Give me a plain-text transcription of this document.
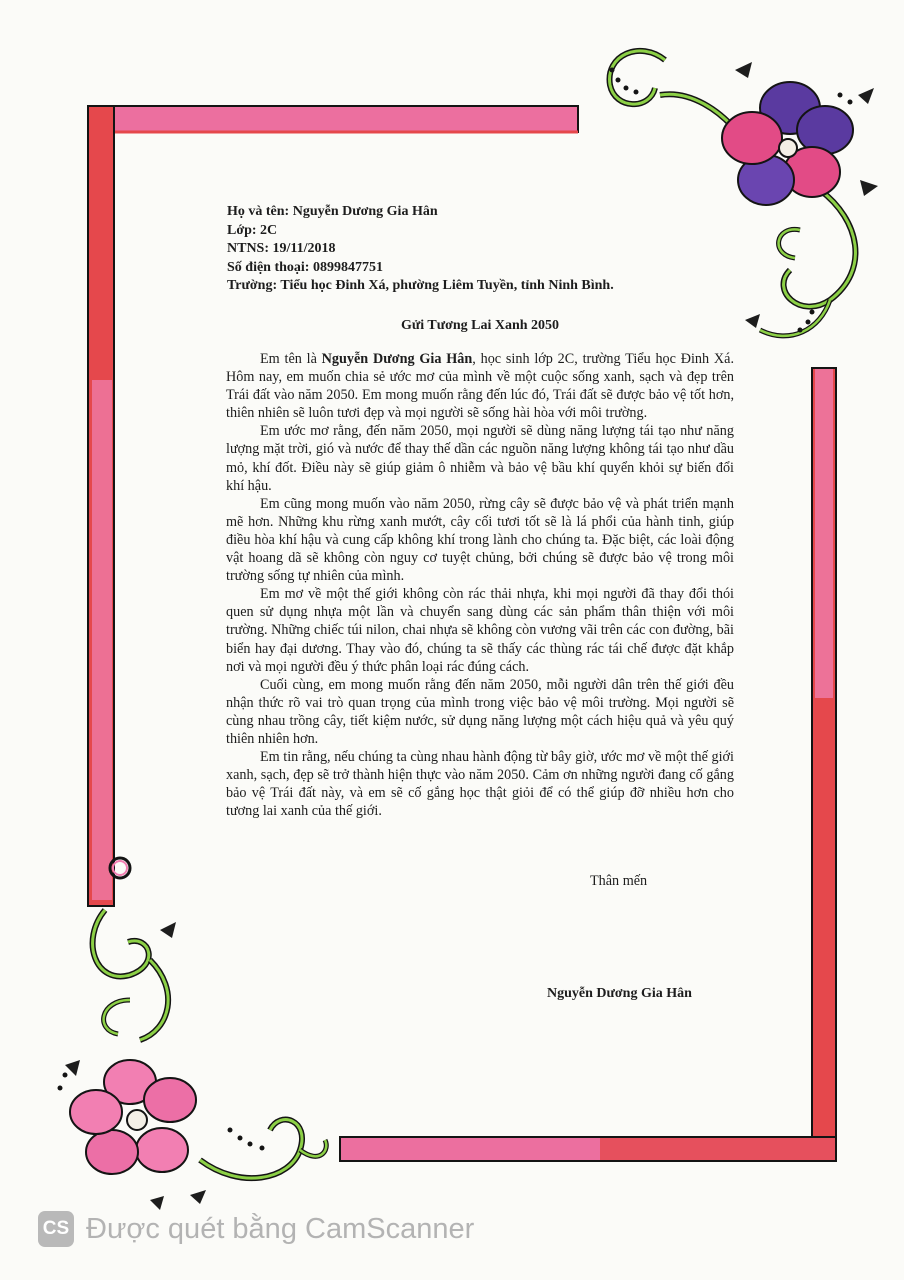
Họ và tên: Nguyễn Dương Gia Hân
Lớp: 2C
NTNS: 19/11/2018
Số điện thoại: 0899847751
Trường: Tiểu học Đinh Xá, phường Liêm Tuyền, tỉnh Ninh Bình.
Gửi Tương Lai Xanh 2050

Em tên là Nguyễn Dương Gia Hân, học sinh lớp 2C, trường Tiểu học Đinh Xá. Hôm nay, em muốn chia sẻ ước mơ của mình về một cuộc sống xanh, sạch và đẹp trên Trái đất vào năm 2050. Em mong muốn rằng đến lúc đó, Trái đất sẽ được bảo vệ tốt hơn, thiên nhiên sẽ luôn tươi đẹp và mọi người sẽ sống hài hòa với môi trường.

Em ước mơ rằng, đến năm 2050, mọi người sẽ dùng năng lượng tái tạo như năng lượng mặt trời, gió và nước để thay thế dần các nguồn năng lượng không tái tạo như dầu mỏ, khí đốt. Điều này sẽ giúp giảm ô nhiễm và bảo vệ bầu khí quyển khỏi sự biến đổi khí hậu.

Em cũng mong muốn vào năm 2050, rừng cây sẽ được bảo vệ và phát triển mạnh mẽ hơn. Những khu rừng xanh mướt, cây cối tươi tốt sẽ là lá phổi của hành tinh, giúp điều hòa khí hậu và cung cấp không khí trong lành cho chúng ta. Đặc biệt, các loài động vật hoang dã sẽ không còn nguy cơ tuyệt chủng, bởi chúng sẽ được bảo vệ trong môi trường sống tự nhiên của mình.

Em mơ về một thế giới không còn rác thải nhựa, khi mọi người đã thay đổi thói quen sử dụng nhựa một lần và chuyển sang dùng các sản phẩm thân thiện với môi trường. Những chiếc túi nilon, chai nhựa sẽ không còn vương vãi trên các con đường, bãi biển hay đại dương. Thay vào đó, chúng ta sẽ thấy các thùng rác tái chế được đặt khắp nơi và mọi người đều ý thức phân loại rác đúng cách.

Cuối cùng, em mong muốn rằng đến năm 2050, mỗi người dân trên thế giới đều nhận thức rõ vai trò quan trọng của mình trong việc bảo vệ môi trường. Mọi người sẽ cùng nhau trồng cây, tiết kiệm nước, sử dụng năng lượng một cách hiệu quả và yêu quý thiên nhiên hơn.

Em tin rằng, nếu chúng ta cùng nhau hành động từ bây giờ, ước mơ về một thế giới xanh, sạch, đẹp sẽ trở thành hiện thực vào năm 2050. Cảm ơn những người đang cố gắng bảo vệ Trái đất này, và em sẽ cố gắng học thật giỏi để có thể giúp đỡ nhiều hơn cho tương lai xanh của thế giới.

Thân mến
Nguyễn Dương Gia Hân
CS Được quét bằng CamScanner
